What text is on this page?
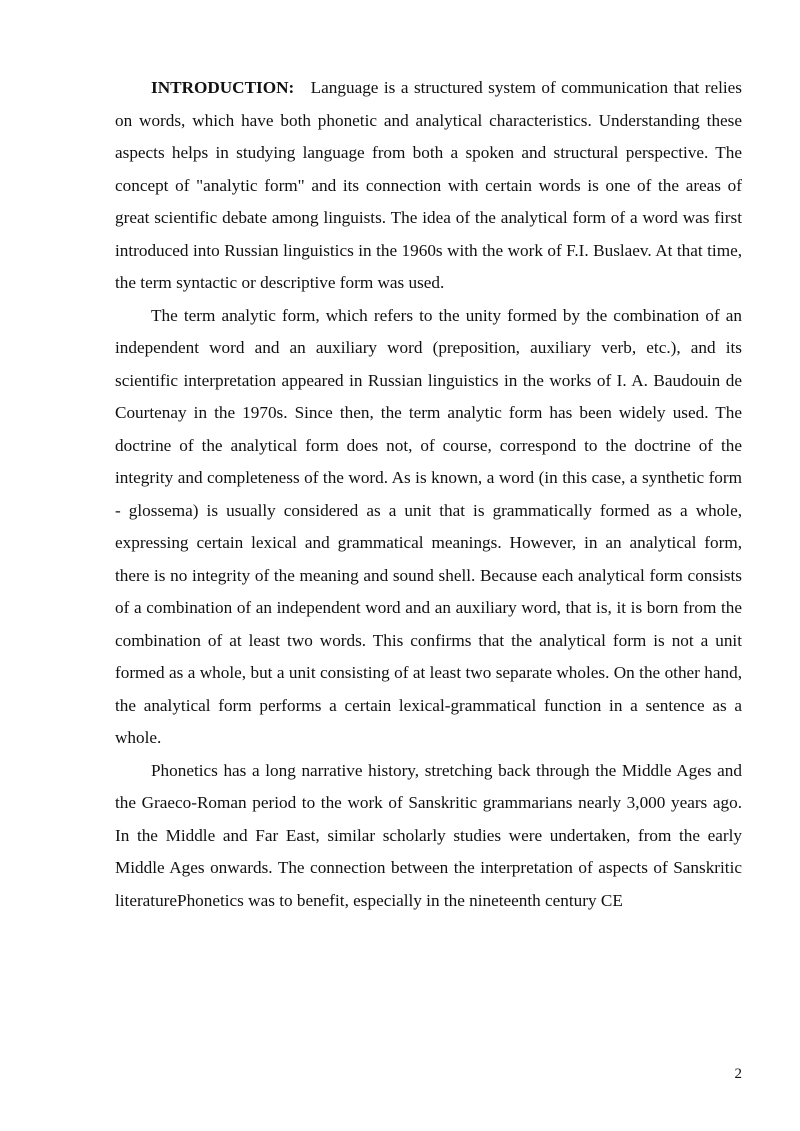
INTRODUCTION: Language is a structured system of communication that relies on words, which have both phonetic and analytical characteristics. Understanding these aspects helps in studying language from both a spoken and structural perspective. The concept of "analytic form" and its connection with certain words is one of the areas of great scientific debate among linguists. The idea of the analytical form of a word was first introduced into Russian linguistics in the 1960s with the work of F.I. Buslaev. At that time, the term syntactic or descriptive form was used.

The term analytic form, which refers to the unity formed by the combination of an independent word and an auxiliary word (preposition, auxiliary verb, etc.), and its scientific interpretation appeared in Russian linguistics in the works of I. A. Baudouin de Courtenay in the 1970s. Since then, the term analytic form has been widely used. The doctrine of the analytical form does not, of course, correspond to the doctrine of the integrity and completeness of the word. As is known, a word (in this case, a synthetic form - glossema) is usually considered as a unit that is grammatically formed as a whole, expressing certain lexical and grammatical meanings. However, in an analytical form, there is no integrity of the meaning and sound shell. Because each analytical form consists of a combination of an independent word and an auxiliary word, that is, it is born from the combination of at least two words. This confirms that the analytical form is not a unit formed as a whole, but a unit consisting of at least two separate wholes. On the other hand, the analytical form performs a certain lexical-grammatical function in a sentence as a whole.

Phonetics has a long narrative history, stretching back through the Middle Ages and the Graeco-Roman period to the work of Sanskritic grammarians nearly 3,000 years ago. In the Middle and Far East, similar scholarly studies were undertaken, from the early Middle Ages onwards. The connection between the interpretation of aspects of Sanskritic literaturePhonetics was to benefit, especially in the nineteenth century CE

2
